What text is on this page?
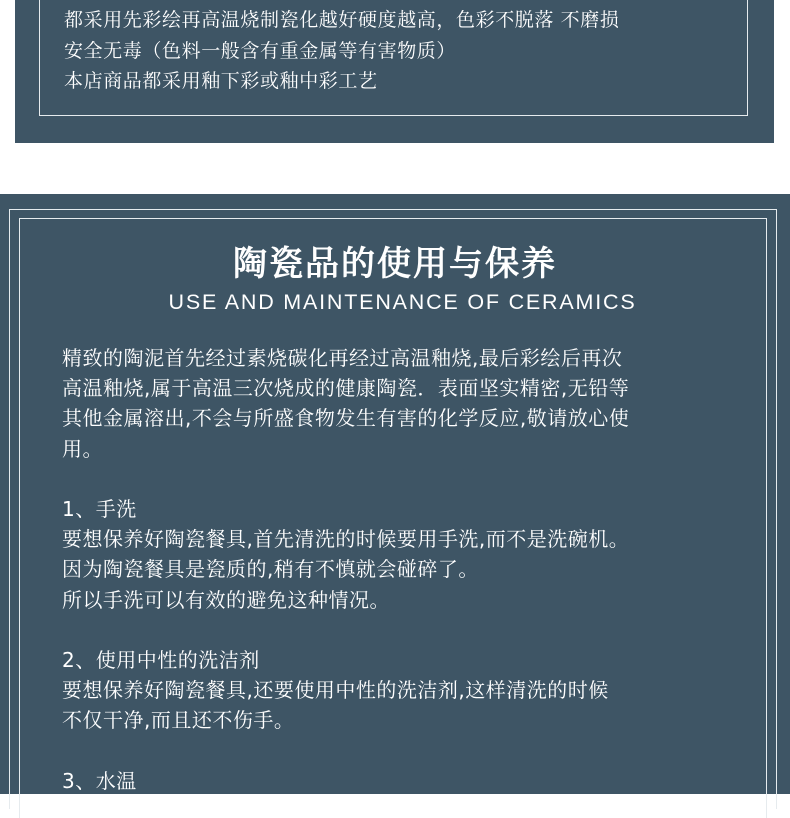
都采用先彩绘再高温烧制瓷化越好硬度越高，色彩不脱落 不磨损
安全无毒（色料一般含有重金属等有害物质）
本店商品都采用釉下彩或釉中彩工艺
陶瓷品的使用与保养
USE AND MAINTENANCE OF CERAMICS
精致的陶泥首先经过素烧碳化再经过高温釉烧,最后彩绘后再次
高温釉烧,属于高温三次烧成的健康陶瓷．表面坚实精密,无铅等
其他金属溶出,不会与所盛食物发生有害的化学反应,敬请放心使
用。
1、手洗
要想保养好陶瓷餐具,首先清洗的时候要用手洗,而不是洗碗机。
因为陶瓷餐具是瓷质的,稍有不慎就会碰碎了。
所以手洗可以有效的避免这种情况。
2、使用中性的洗洁剂
要想保养好陶瓷餐具,还要使用中性的洗洁剂,这样清洗的时候
不仅干净,而且还不伤手。
3、水温
